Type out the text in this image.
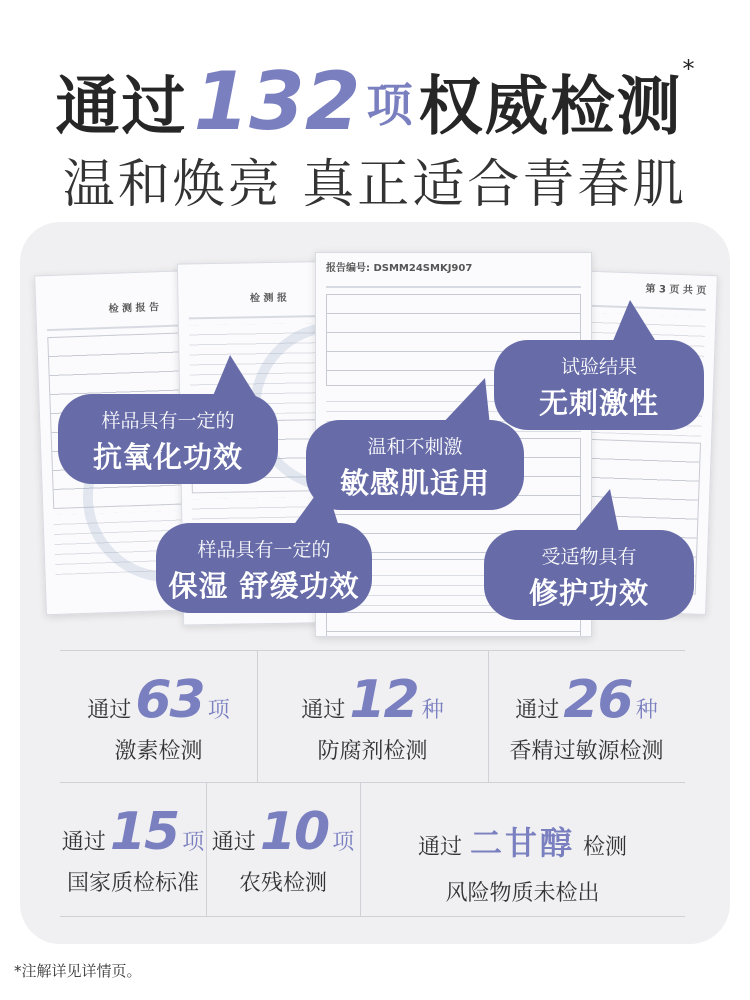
通过132 项权威检测*
温和焕亮 真正适合青春肌
检 测 报 告
检 测 报
第 3 页 共 页
报告编号: DSMM24SMKJ907
样品具有一定的
抗氧化功效	温和不刺激
敏感肌适用
试验结果
无刺激性
样品具有一定的
保湿 舒缓功效
受适物具有
修护功效
通过63 项
激素检测
通过12 种
防腐剂检测
通过26 种
香精过敏源检测
通过15 项
国家质检标准
通过10 项
农残检测
通过 二甘醇 检测
风险物质未检出
*注解详见详情页。
